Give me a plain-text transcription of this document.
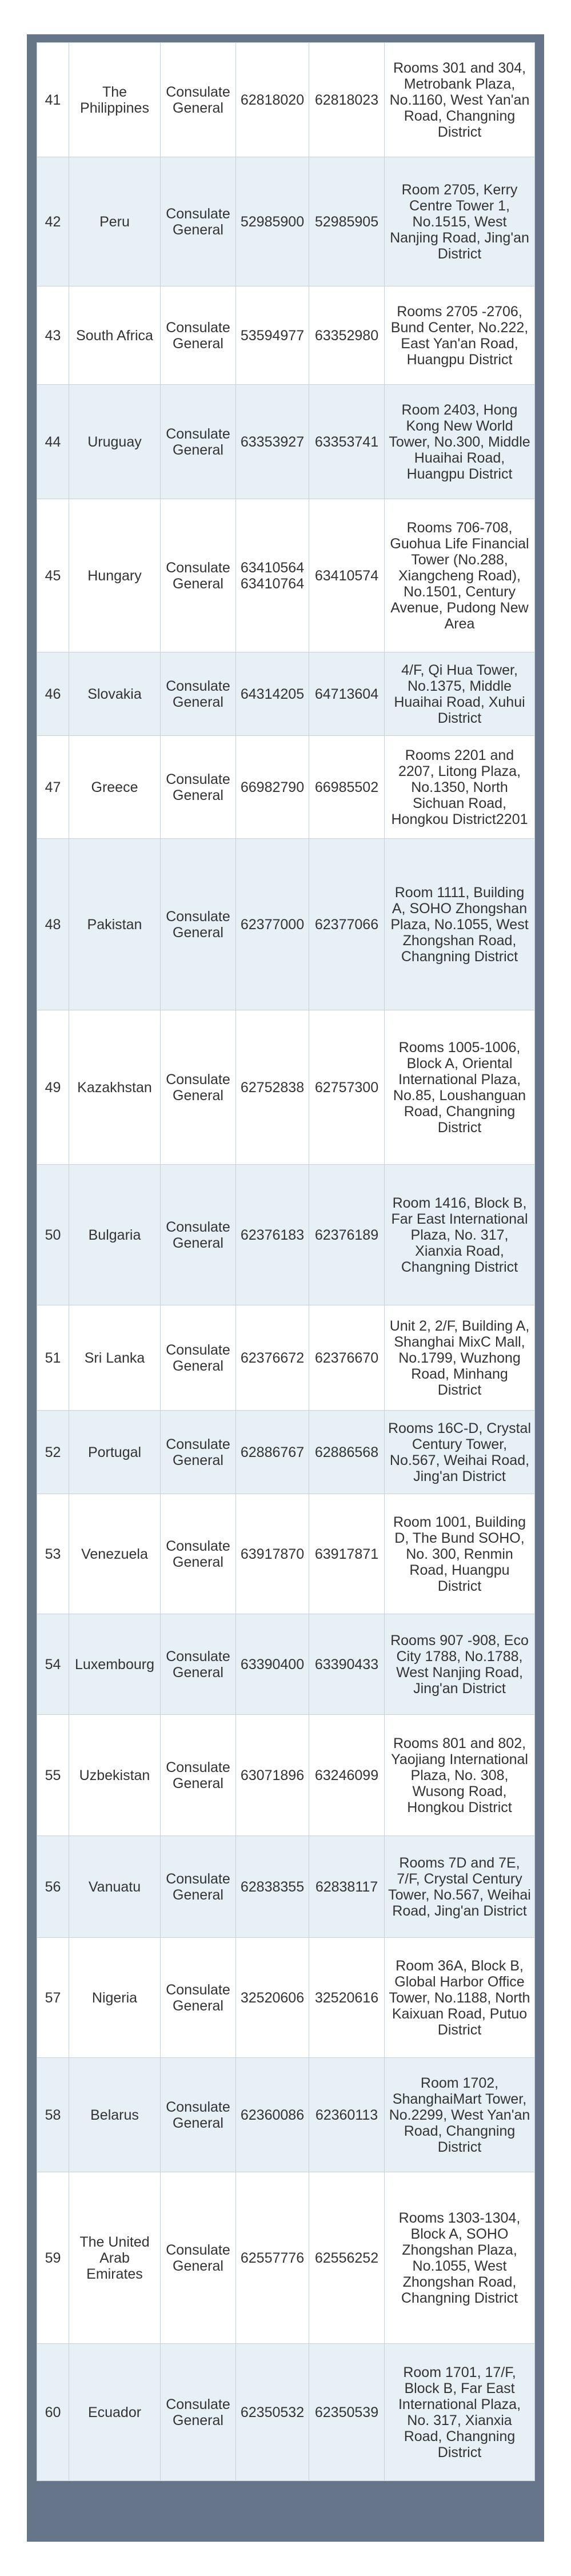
41	The Philippines	Consulate General	62818020	62818023	Rooms 301 and 304, Metrobank Plaza, No.1160, West Yan'an Road, Changning District
42	Peru	Consulate General	52985900	52985905	Room 2705, Kerry Centre Tower 1, No.1515, West Nanjing Road, Jing'an District
43	South Africa	Consulate General	53594977	63352980	Rooms 2705 -2706, Bund Center, No.222, East Yan'an Road, Huangpu District
44	Uruguay	Consulate General	63353927	63353741	Room 2403, Hong Kong New World Tower, No.300, Middle Huaihai Road, Huangpu District
45	Hungary	Consulate General	63410564 63410764	63410574	Rooms 706-708, Guohua Life Financial Tower (No.288, Xiangcheng Road), No.1501, Century Avenue, Pudong New Area
46	Slovakia	Consulate General	64314205	64713604	4/F, Qi Hua Tower, No.1375, Middle Huaihai Road, Xuhui District
47	Greece	Consulate General	66982790	66985502	Rooms 2201 and 2207, Litong Plaza, No.1350, North Sichuan Road, Hongkou District2201
48	Pakistan	Consulate General	62377000	62377066	Room 1111, Building A, SOHO Zhongshan Plaza, No.1055, West Zhongshan Road, Changning District
49	Kazakhstan	Consulate General	62752838	62757300	Rooms 1005-1006, Block A, Oriental International Plaza, No.85, Loushanguan Road, Changning District
50	Bulgaria	Consulate General	62376183	62376189	Room 1416, Block B, Far East International Plaza, No. 317, Xianxia Road, Changning District
51	Sri Lanka	Consulate General	62376672	62376670	Unit 2, 2/F, Building A, Shanghai MixC Mall, No.1799, Wuzhong Road, Minhang District
52	Portugal	Consulate General	62886767	62886568	Rooms 16C-D, Crystal Century Tower, No.567, Weihai Road, Jing'an District
53	Venezuela	Consulate General	63917870	63917871	Room 1001, Building D, The Bund SOHO, No. 300, Renmin Road, Huangpu District
54	Luxembourg	Consulate General	63390400	63390433	Rooms 907 -908, Eco City 1788, No.1788, West Nanjing Road, Jing'an District
55	Uzbekistan	Consulate General	63071896	63246099	Rooms 801 and 802, Yaojiang International Plaza, No. 308, Wusong Road, Hongkou District
56	Vanuatu	Consulate General	62838355	62838117	Rooms 7D and 7E, 7/F, Crystal Century Tower, No.567, Weihai Road, Jing'an District
57	Nigeria	Consulate General	32520606	32520616	Room 36A, Block B, Global Harbor Office Tower, No.1188, North Kaixuan Road, Putuo District
58	Belarus	Consulate General	62360086	62360113	Room 1702, ShanghaiMart Tower, No.2299, West Yan'an Road, Changning District
59	The United Arab Emirates	Consulate General	62557776	62556252	Rooms 1303-1304, Block A, SOHO Zhongshan Plaza, No.1055, West Zhongshan Road, Changning District
60	Ecuador	Consulate General	62350532	62350539	Room 1701, 17/F, Block B, Far East International Plaza, No. 317, Xianxia Road, Changning District
